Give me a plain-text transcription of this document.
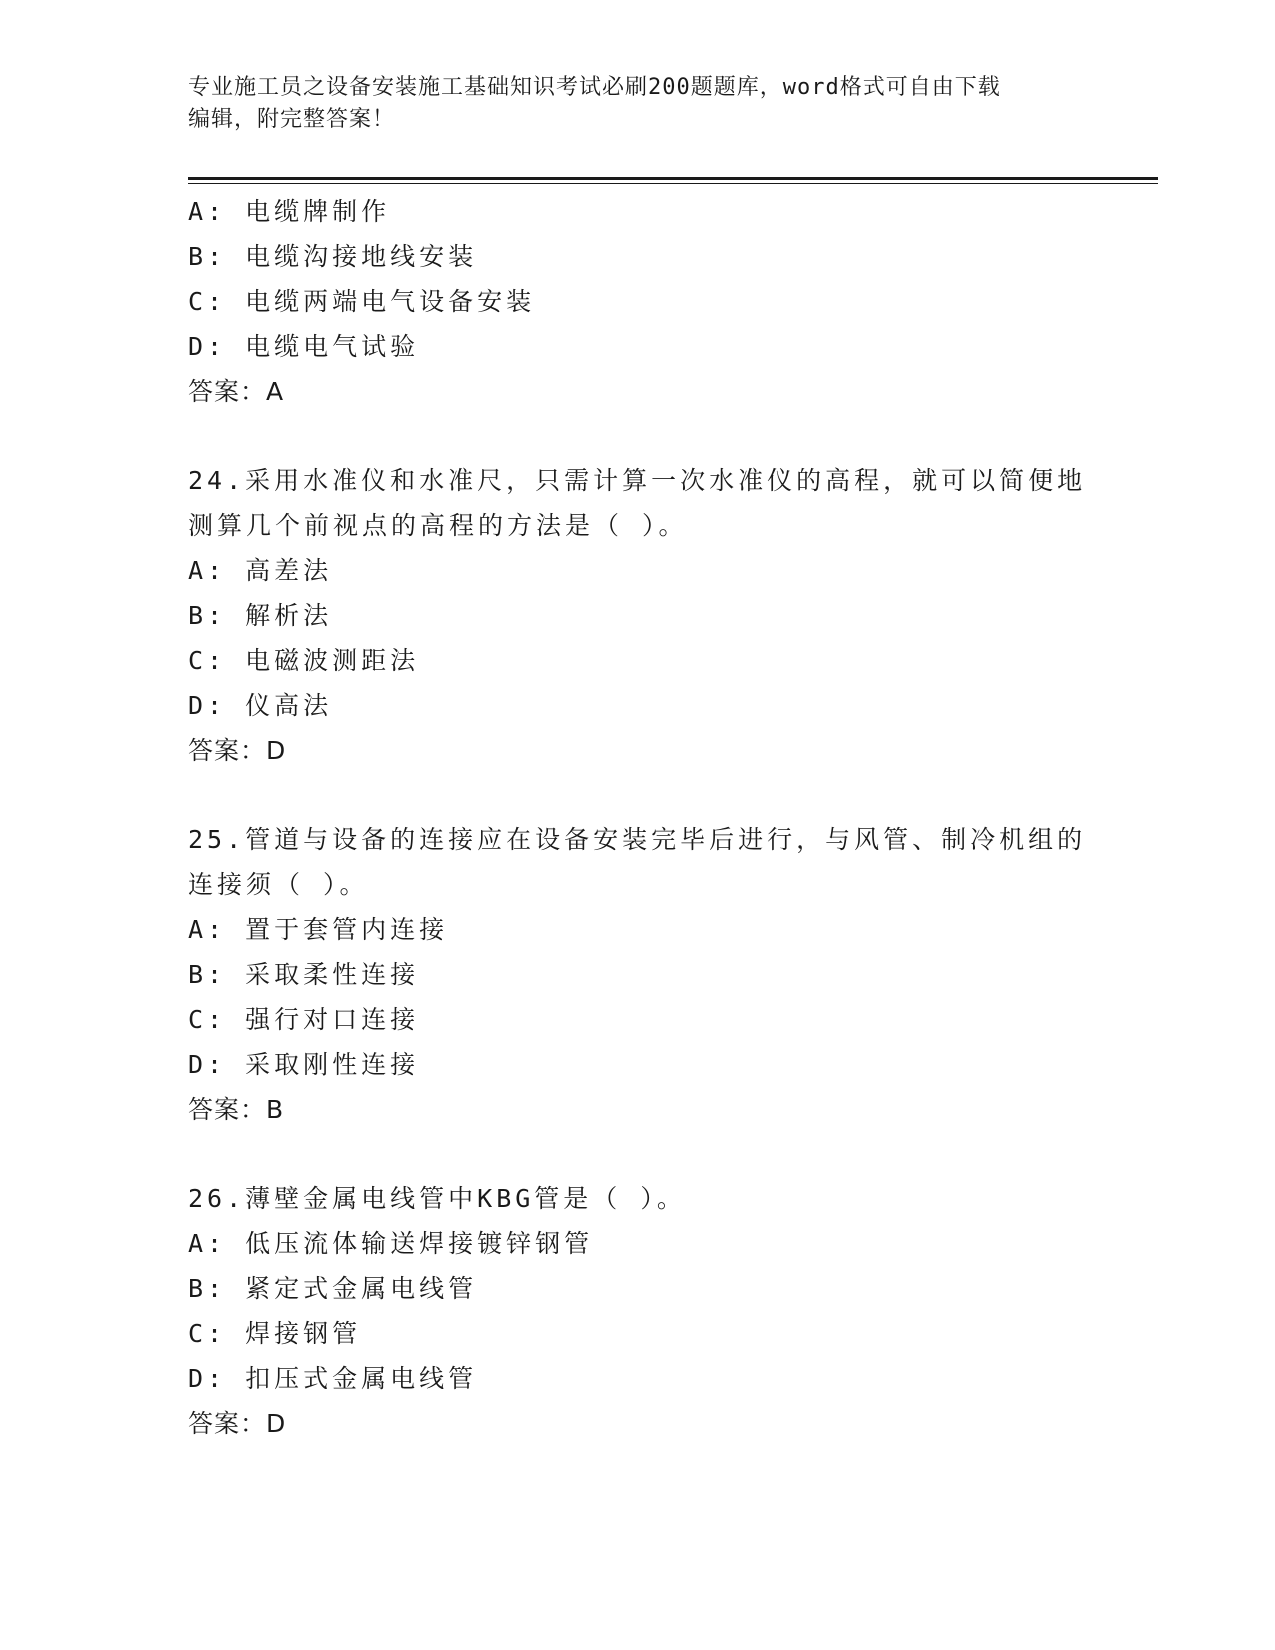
专业施工员之设备安装施工基础知识考试必刷200题题库，word格式可自由下载
编辑，附完整答案！
A: 电缆牌制作
B: 电缆沟接地线安装
C: 电缆两端电气设备安装
D: 电缆电气试验
答案：A
24.采用水准仪和水准尺，只需计算一次水准仪的高程，就可以简便地
测算几个前视点的高程的方法是（ ）。
A: 高差法
B: 解析法
C: 电磁波测距法
D: 仪高法
答案：D
25.管道与设备的连接应在设备安装完毕后进行，与风管、制冷机组的
连接须（ ）。
A: 置于套管内连接
B: 采取柔性连接
C: 强行对口连接
D: 采取刚性连接
答案：B
26.薄壁金属电线管中KBG管是（ ）。
A: 低压流体输送焊接镀锌钢管
B: 紧定式金属电线管
C: 焊接钢管
D: 扣压式金属电线管
答案：D
